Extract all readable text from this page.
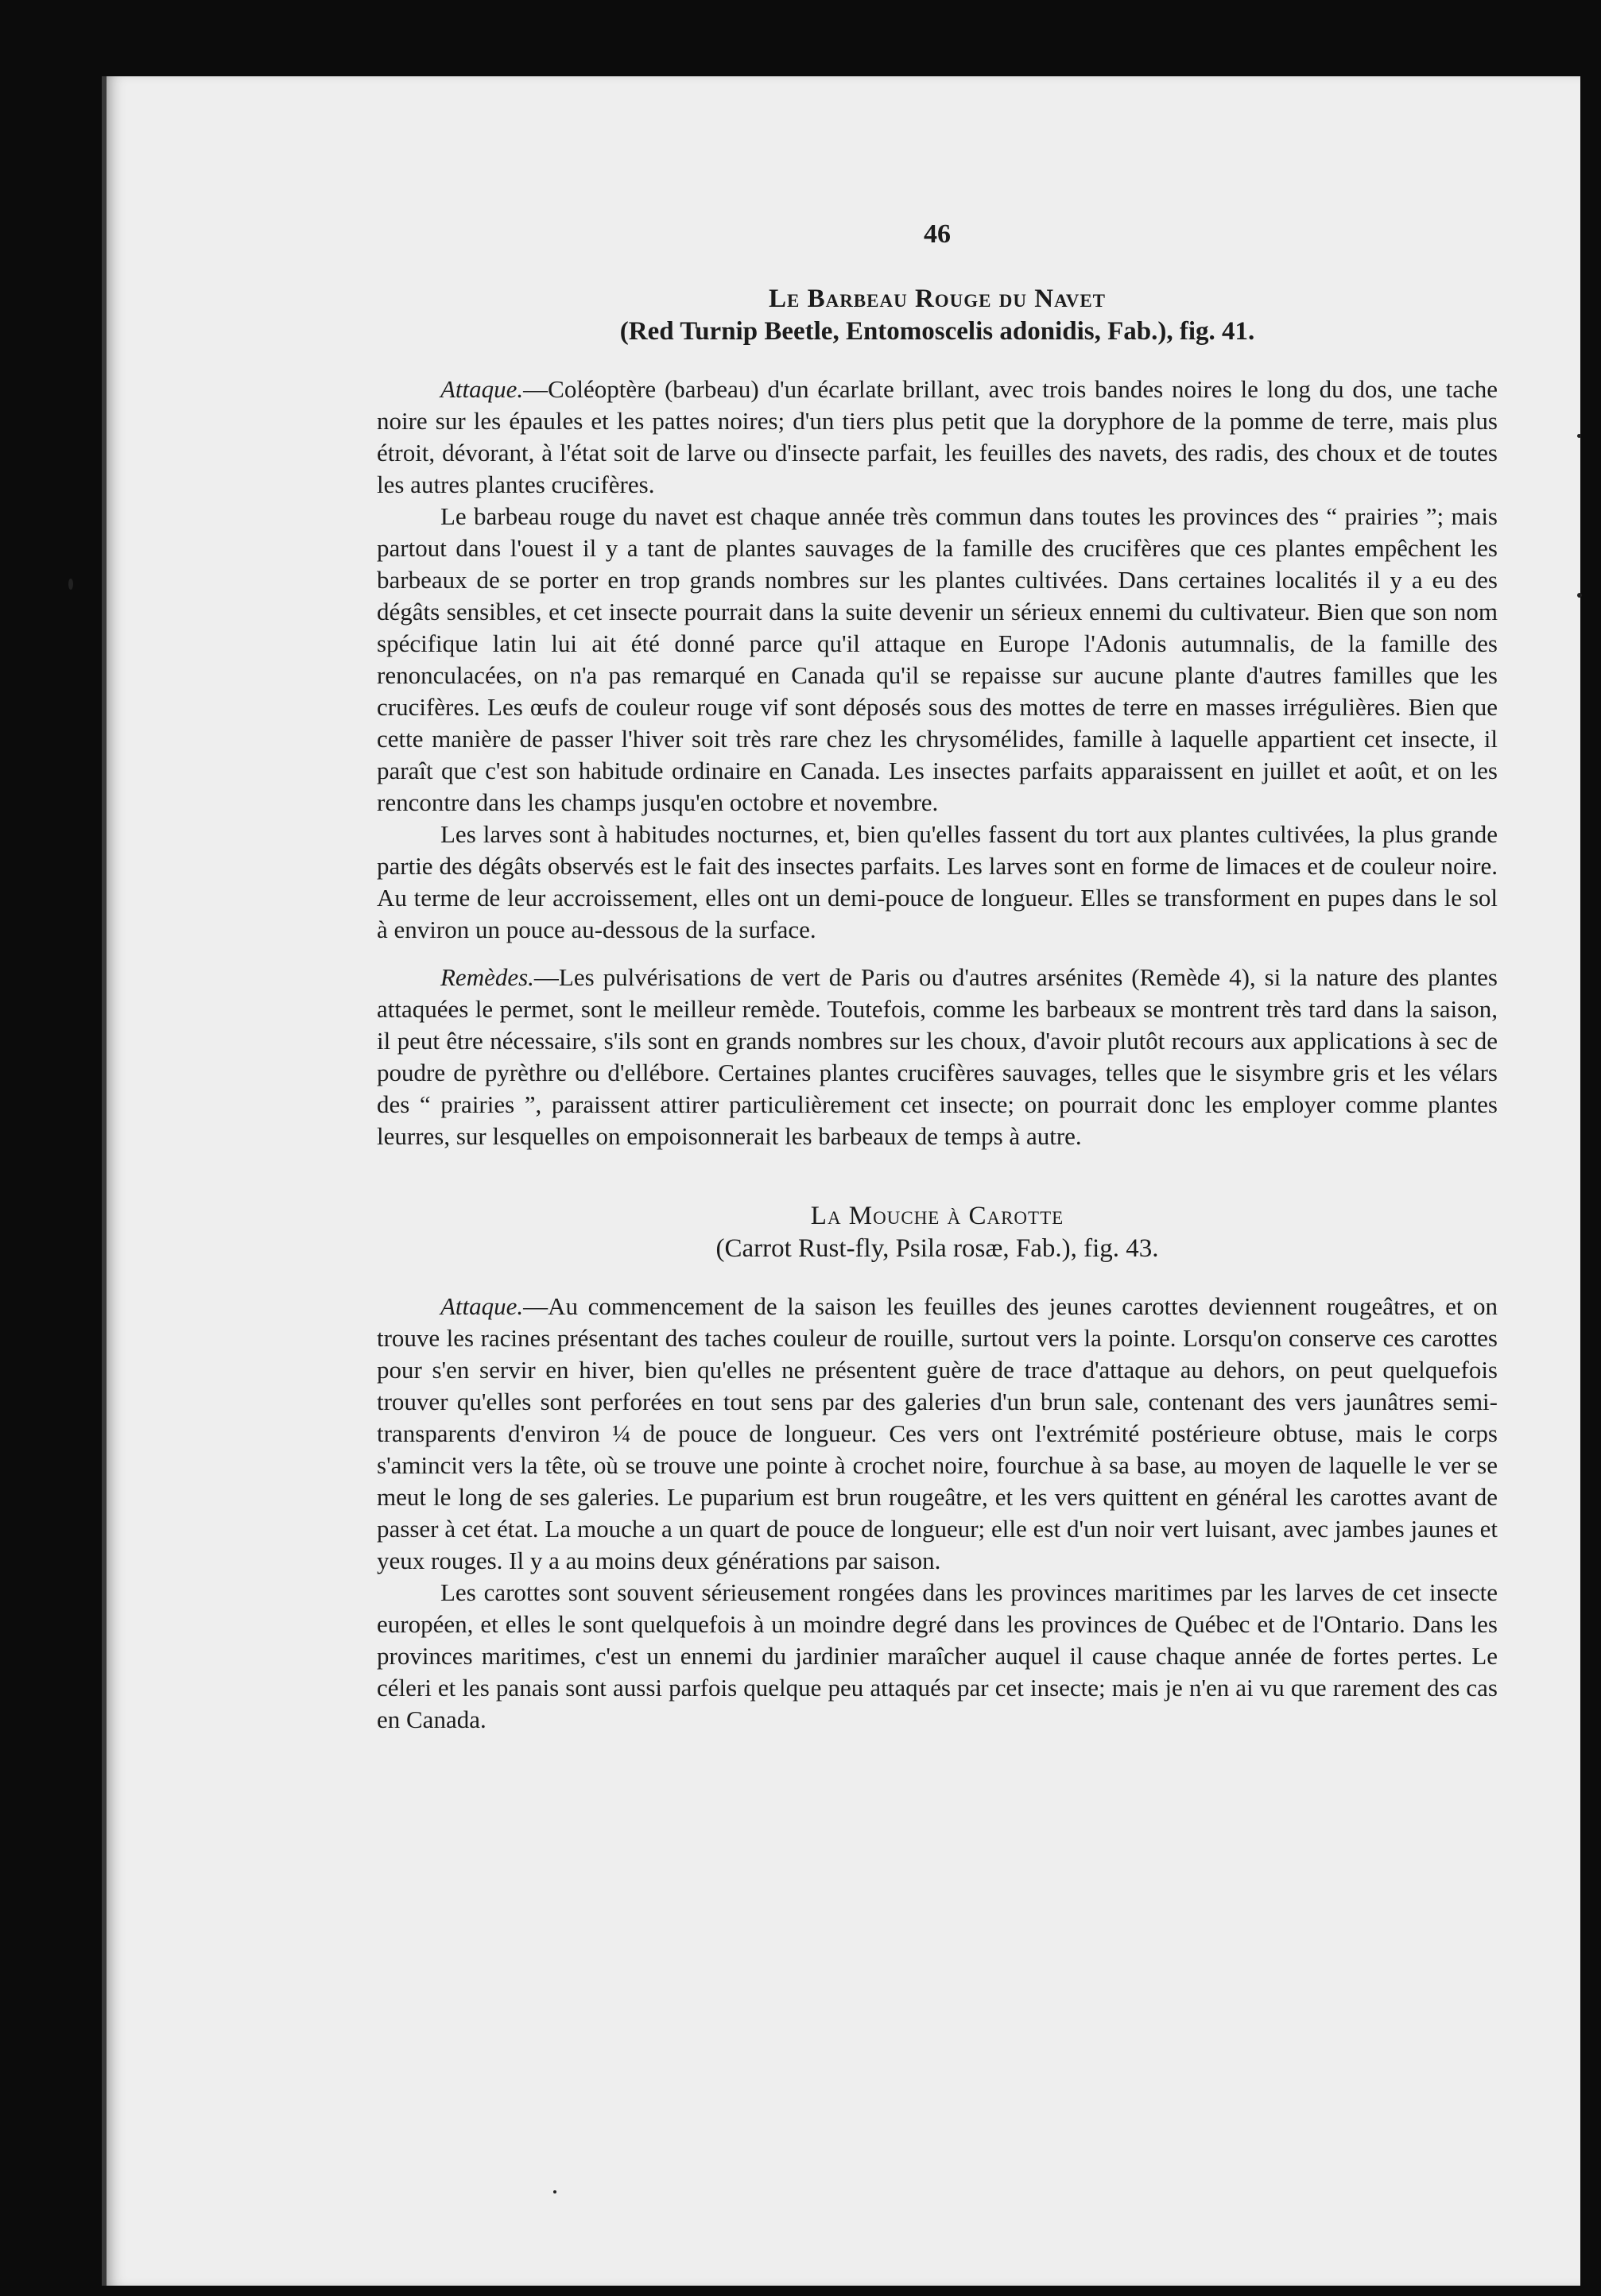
46
Le Barbeau Rouge du Navet
(Red Turnip Beetle, Entomoscelis adonidis, Fab.), fig. 41.

Attaque.—Coléoptère (barbeau) d'un écarlate brillant, avec trois bandes noires le long du dos, une tache noire sur les épaules et les pattes noires; d'un tiers plus petit que la doryphore de la pomme de terre, mais plus étroit, dévorant, à l'état soit de larve ou d'insecte parfait, les feuilles des navets, des radis, des choux et de toutes les autres plantes crucifères.

Le barbeau rouge du navet est chaque année très commun dans toutes les provinces des “ prairies ”; mais partout dans l'ouest il y a tant de plantes sauvages de la famille des crucifères que ces plantes empêchent les barbeaux de se porter en trop grands nombres sur les plantes cultivées. Dans certaines localités il y a eu des dégâts sensibles, et cet insecte pourrait dans la suite devenir un sérieux ennemi du cultivateur. Bien que son nom spécifique latin lui ait été donné parce qu'il attaque en Europe l'Adonis autumnalis, de la famille des renonculacées, on n'a pas remarqué en Canada qu'il se repaisse sur aucune plante d'autres familles que les crucifères. Les œufs de couleur rouge vif sont déposés sous des mottes de terre en masses irrégulières. Bien que cette manière de passer l'hiver soit très rare chez les chrysomélides, famille à laquelle appartient cet insecte, il paraît que c'est son habitude ordinaire en Canada. Les insectes parfaits apparaissent en juillet et août, et on les rencontre dans les champs jusqu'en octobre et novembre.

Les larves sont à habitudes nocturnes, et, bien qu'elles fassent du tort aux plantes cultivées, la plus grande partie des dégâts observés est le fait des insectes parfaits. Les larves sont en forme de limaces et de couleur noire. Au terme de leur accroissement, elles ont un demi-pouce de longueur. Elles se transforment en pupes dans le sol à environ un pouce au-dessous de la surface.

Remèdes.—Les pulvérisations de vert de Paris ou d'autres arsénites (Remède 4), si la nature des plantes attaquées le permet, sont le meilleur remède. Toutefois, comme les barbeaux se montrent très tard dans la saison, il peut être nécessaire, s'ils sont en grands nombres sur les choux, d'avoir plutôt recours aux applications à sec de poudre de pyrèthre ou d'ellébore. Certaines plantes crucifères sauvages, telles que le sisymbre gris et les vélars des “ prairies ”, paraissent attirer particulièrement cet insecte; on pourrait donc les employer comme plantes leurres, sur lesquelles on empoisonnerait les barbeaux de temps à autre.

La Mouche à Carotte
(Carrot Rust-fly, Psila rosæ, Fab.), fig. 43.

Attaque.—Au commencement de la saison les feuilles des jeunes carottes deviennent rougeâtres, et on trouve les racines présentant des taches couleur de rouille, surtout vers la pointe. Lorsqu'on conserve ces carottes pour s'en servir en hiver, bien qu'elles ne présentent guère de trace d'attaque au dehors, on peut quelquefois trouver qu'elles sont perforées en tout sens par des galeries d'un brun sale, contenant des vers jaunâtres semi-transparents d'environ ¼ de pouce de longueur. Ces vers ont l'extrémité postérieure obtuse, mais le corps s'amincit vers la tête, où se trouve une pointe à crochet noire, fourchue à sa base, au moyen de laquelle le ver se meut le long de ses galeries. Le puparium est brun rougeâtre, et les vers quittent en général les carottes avant de passer à cet état. La mouche a un quart de pouce de longueur; elle est d'un noir vert luisant, avec jambes jaunes et yeux rouges. Il y a au moins deux générations par saison.

Les carottes sont souvent sérieusement rongées dans les provinces maritimes par les larves de cet insecte européen, et elles le sont quelquefois à un moindre degré dans les provinces de Québec et de l'Ontario. Dans les provinces maritimes, c'est un ennemi du jardinier maraîcher auquel il cause chaque année de fortes pertes. Le céleri et les panais sont aussi parfois quelque peu attaqués par cet insecte; mais je n'en ai vu que rarement des cas en Canada.
